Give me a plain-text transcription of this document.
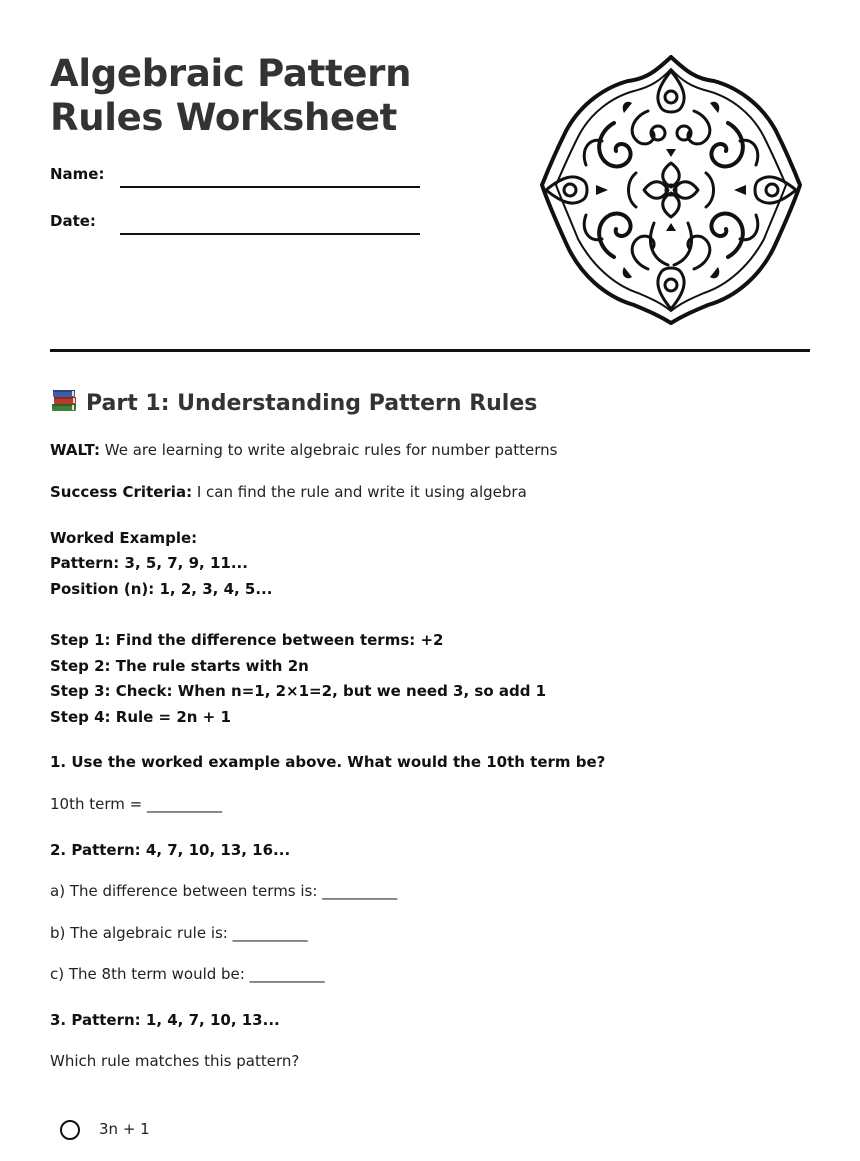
Algebraic Pattern Rules Worksheet
Name:
Date:
Part 1: Understanding Pattern Rules
WALT: We are learning to write algebraic rules for number patterns
Success Criteria: I can find the rule and write it using algebra
Worked Example:
Pattern: 3, 5, 7, 9, 11...
Position (n): 1, 2, 3, 4, 5...
Step 1: Find the difference between terms: +2
Step 2: The rule starts with 2n
Step 3: Check: When n=1, 2×1=2, but we need 3, so add 1
Step 4: Rule = 2n + 1
1. Use the worked example above. What would the 10th term be?
10th term = __________
2. Pattern: 4, 7, 10, 13, 16...
a) The difference between terms is: __________
b) The algebraic rule is: __________
c) The 8th term would be: __________
3. Pattern: 1, 4, 7, 10, 13...
Which rule matches this pattern?
3n + 1
